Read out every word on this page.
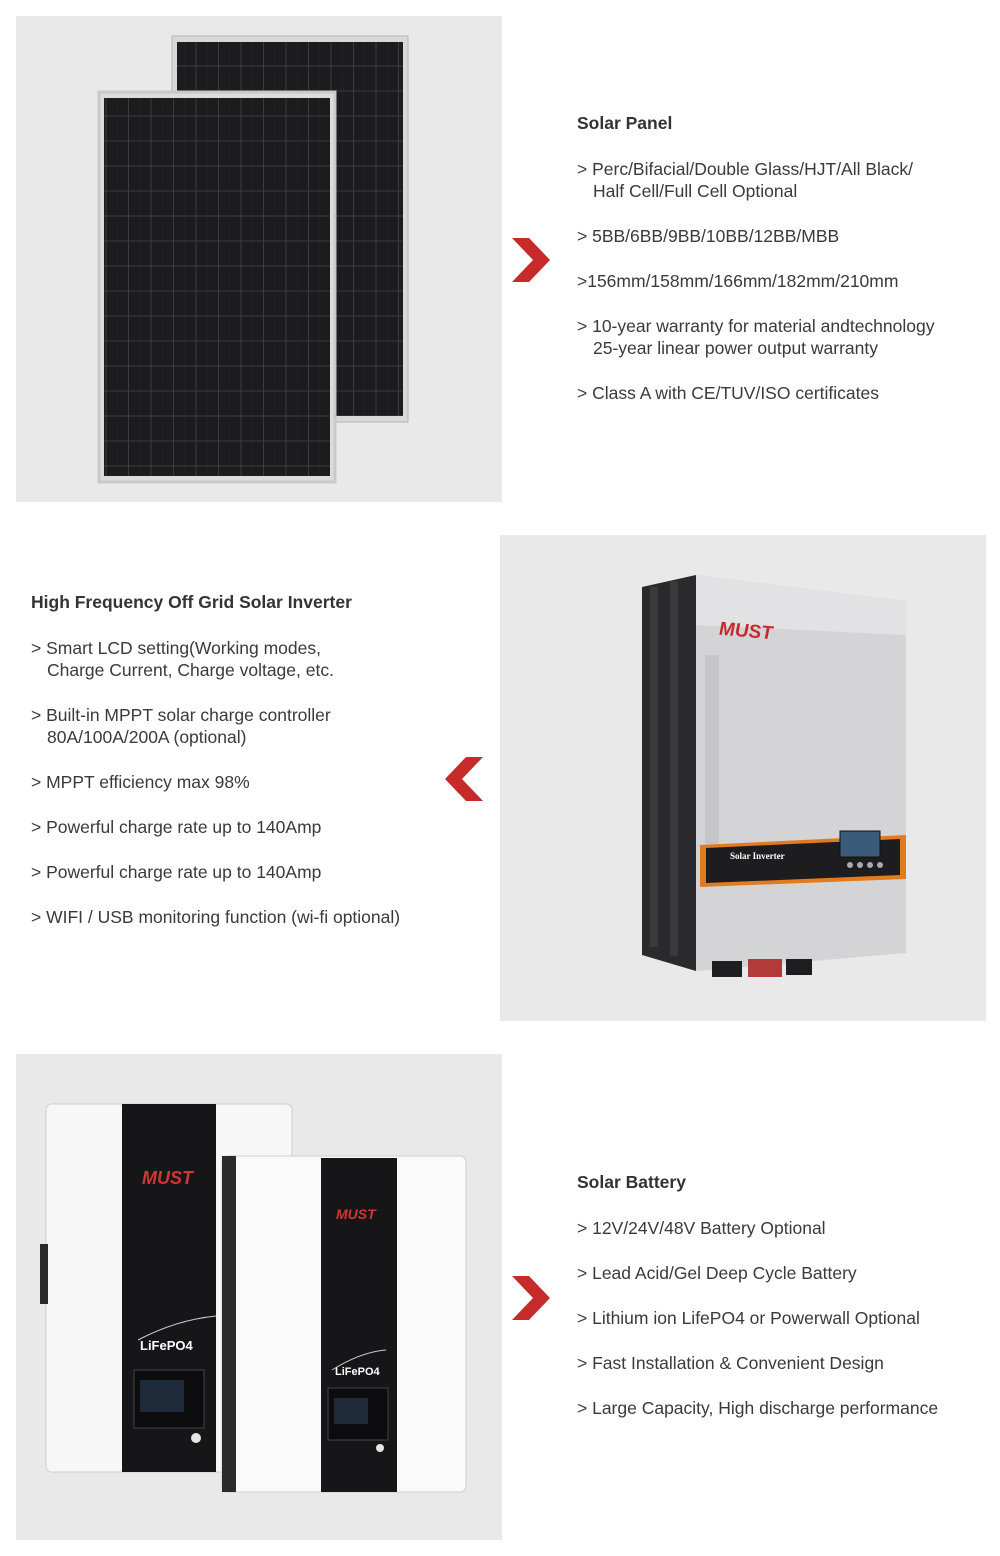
Solar Panel
> Perc/Bifacial/Double Glass/HJT/All Black/
Half Cell/Full Cell Optional
> 5BB/6BB/9BB/10BB/12BB/MBB
>156mm/158mm/166mm/182mm/210mm
> 10-year warranty for material andtechnology
25-year linear power output warranty
> Class A with CE/TUV/ISO certificates
High Frequency Off Grid Solar Inverter
> Smart LCD setting(Working modes,
Charge Current, Charge voltage, etc.
> Built-in MPPT solar charge controller
80A/100A/200A (optional)
> MPPT efficiency max 98%
> Powerful charge rate up to 140Amp
> Powerful charge rate up to 140Amp
> WIFI / USB monitoring function (wi-fi optional)
MUST
Solar Inverter
MUST
MUST
LiFePO4
LiFePO4
Solar Battery
> 12V/24V/48V Battery Optional
> Lead Acid/Gel Deep Cycle Battery
> Lithium ion LifePO4 or Powerwall Optional
> Fast Installation & Convenient Design
> Large Capacity, High discharge performance
